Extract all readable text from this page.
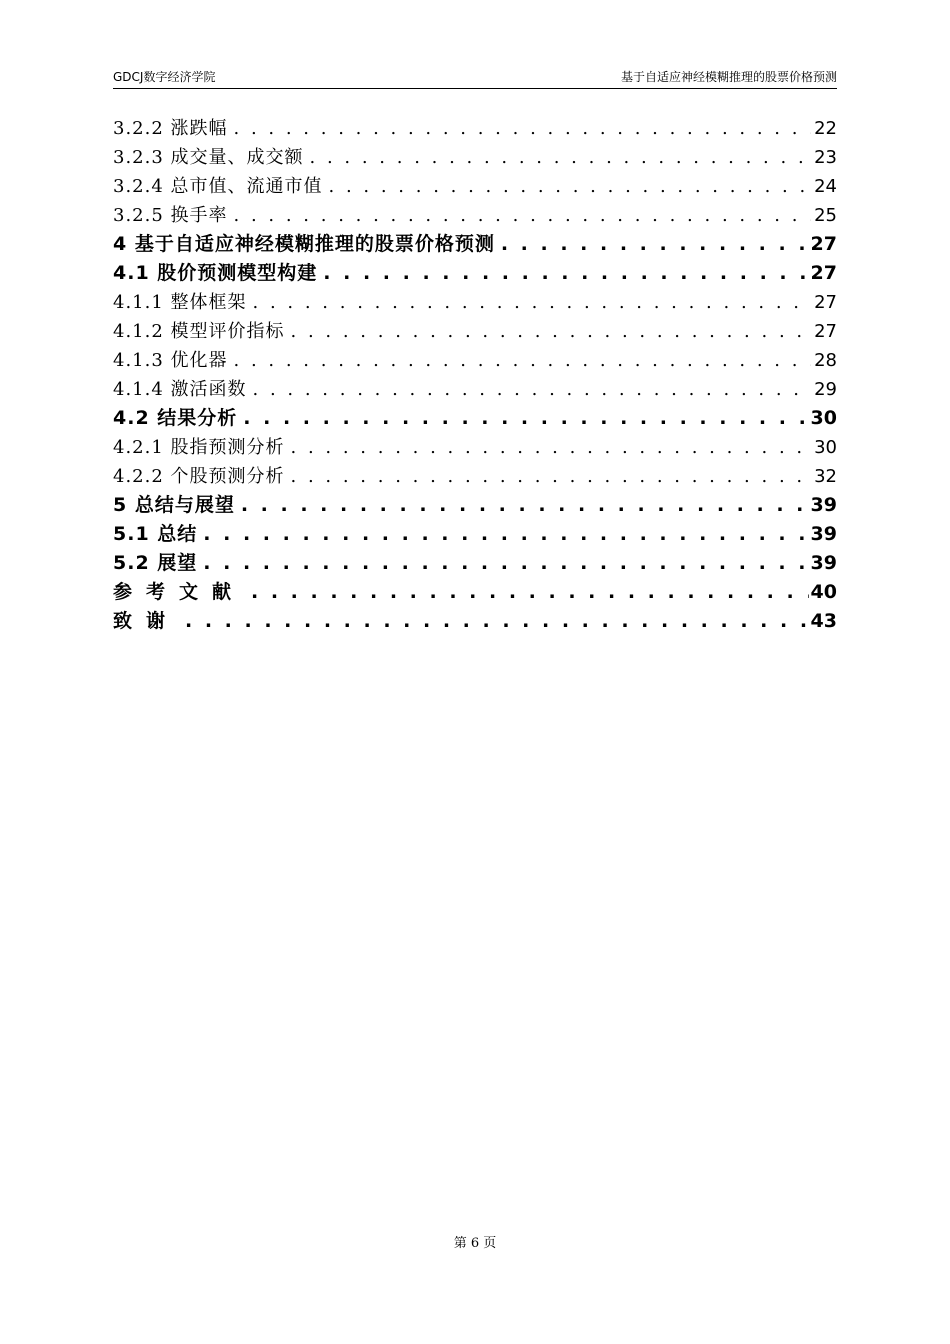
GDCJ数字经济学院	基于自适应神经模糊推理的股票价格预测
3.2.2 涨跌幅 . . .	22
3.2.3 成交量、成交额 . . .	23
3.2.4 总市值、流通市值 . . .	24
3.2.5 换手率 . . .	25
4 基于自适应神经模糊推理的股票价格预测 . . .	27
4.1 股价预测模型构建 . . .	27
4.1.1 整体框架 . . .	27
4.1.2 模型评价指标 . . .	27
4.1.3 优化器 . . .	28
4.1.4 激活函数 . . .	29
4.2 结果分析 . . .	30
4.2.1 股指预测分析 . . .	30
4.2.2 个股预测分析 . . .	32
5 总结与展望 . . .	39
5.1 总结 . . .	39
5.2 展望 . . .	39
参考文献 . . .	40
致谢 . . .	43
第 6 页
